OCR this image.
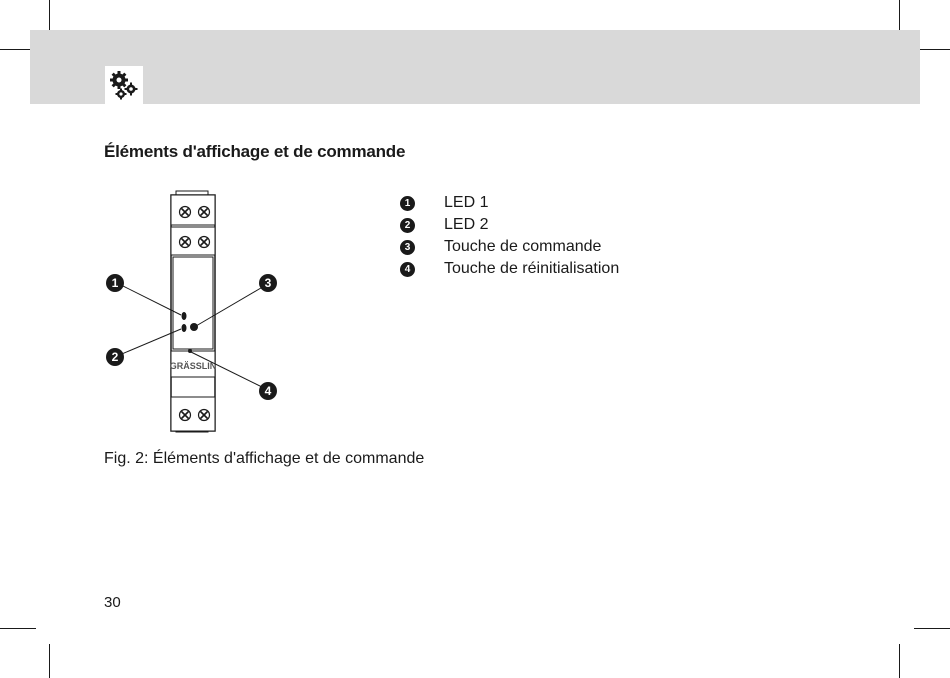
Éléments d'affichage et de commande
GRÄSSLIN
1
2
3
4
1 LED 1
2 LED 2
3 Touche de commande
4 Touche de réinitialisation

Fig. 2: Éléments d'affichage et de commande

30
